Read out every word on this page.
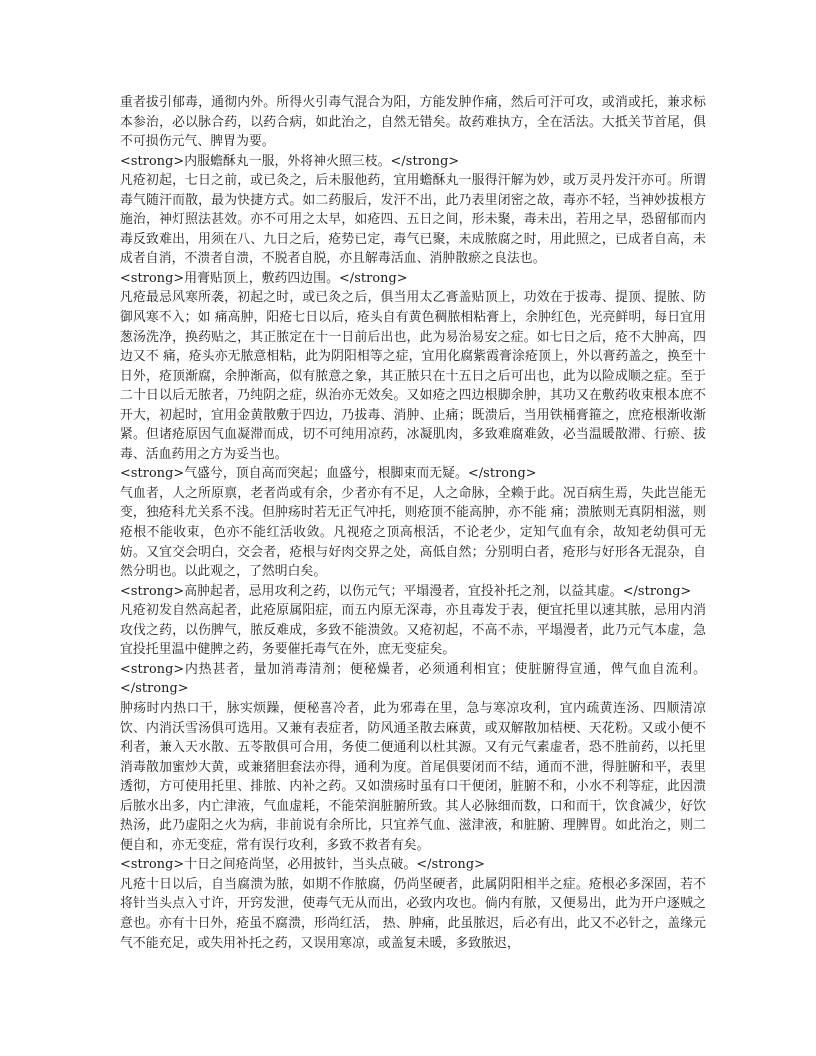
重者拔引郁毒，通彻内外。所得火引毒气混合为阳，方能发肿作痛，然后可汗可攻，或消或托，兼求标本参治，必以脉合药，以药合病，如此治之，自然无错矣。故药难执方，全在活法。大抵关节首尾，俱不可损伤元气、脾胃为要。

<strong>内服蟾酥丸一服，外将神火照三枝。</strong>

凡疮初起，七日之前，或已灸之，后未服他药，宜用蟾酥丸一服得汗解为妙，或万灵丹发汗亦可。所谓毒气随汗而散，最为快捷方式。如二药服后，发汗不出，此乃表里闭密之故，毒亦不轻，当神妙拔根方施治，神灯照法甚效。亦不可用之太早，如疮四、五日之间，形未聚，毒未出，若用之早，恐留郁而内毒反致难出，用须在八、九日之后，疮势已定，毒气已聚，未成脓腐之时，用此照之，已成者自高，未成者自消，不溃者自溃，不脱者自脱，亦且解毒活血、消肿散瘀之良法也。

<strong>用膏贴顶上，敷药四边围。</strong>

凡疮最忌风寒所袭，初起之时，或已灸之后，俱当用太乙膏盖贴顶上，功效在于拔毒、提顶、提脓、防御风寒不入；如 痛高肿，阳疮七日以后，疮头自有黄色稠脓相粘膏上，余肿红色，光亮鲜明，每日宜用葱汤洗净，换药贴之，其正脓定在十一日前后出也，此为易治易安之症。如七日之后，疮不大肿高，四边又不 痛，疮头亦无脓意相粘，此为阴阳相等之症，宜用化腐紫霞膏涂疮顶上，外以膏药盖之，换至十日外，疮顶渐腐，余肿渐高，似有脓意之象，其正脓只在十五日之后可出也，此为以险成顺之症。至于二十日以后无脓者，乃纯阴之症，纵治亦无效矣。又如疮之四边根脚余肿，其功又在敷药收束根本庶不开大，初起时，宜用金黄散敷于四边，乃拔毒、消肿、止痛；既溃后，当用铁桶膏箍之，庶疮根渐收渐紧。但诸疮原因气血凝滞而成，切不可纯用凉药，冰凝肌肉，多致难腐难敛，必当温暖散滞、行瘀、拔毒、活血药用之方为妥当也。

<strong>气盛兮，顶自高而突起；血盛兮，根脚束而无疑。</strong>

气血者，人之所原禀，老者尚或有余，少者亦有不足，人之命脉，全赖于此。况百病生焉，失此岂能无变，独疮科尤关系不浅。但肿疡时若无正气冲托，则疮顶不能高肿，亦不能 痛；溃脓则无真阴相滋，则疮根不能收束，色亦不能红活收敛。凡视疮之顶高根活，不论老少，定知气血有余，故知老幼俱可无妨。又宜交会明白，交会者，疮根与好肉交界之处，高低自然；分别明白者，疮形与好形各无混杂，自然分明也。以此观之，了然明白矣。

<strong>高肿起者，忌用攻利之药，以伤元气；平塌漫者，宜投补托之剂，以益其虚。</strong>

凡疮初发自然高起者，此疮原属阳症，而五内原无深毒，亦且毒发于表，便宜托里以速其脓，忌用内消攻伐之药，以伤脾气，脓反难成，多致不能溃敛。又疮初起，不高不赤，平塌漫者，此乃元气本虚，急宜投托里温中健脾之药，务要催托毒气在外，庶无变症矣。

<strong>内热甚者，量加消毒清剂；便秘燥者，必须通利相宜；使脏腑得宣通，俾气血自流利。</strong>

肿疡时内热口干，脉实烦躁，便秘喜冷者，此为邪毒在里，急与寒凉攻利，宜内疏黄连汤、四顺清凉饮、内消沃雪汤俱可选用。又兼有表症者，防风通圣散去麻黄，或双解散加桔梗、天花粉。又或小便不利者，兼入天水散、五苓散俱可合用，务使二便通利以杜其源。又有元气素虚者，恐不胜前药，以托里消毒散加蜜炒大黄，或兼猪胆套法亦得，通利为度。首尾俱要闭而不结，通而不泄，得脏腑和平，表里透彻，方可使用托里、排脓、内补之药。又如溃疡时虽有口干便闭，脏腑不和，小水不利等症，此因溃后脓水出多，内亡津液，气血虚耗，不能荣润脏腑所致。其人必脉细而数，口和而干，饮食减少，好饮热汤，此乃虚阳之火为病，非前说有余所比，只宜养气血、滋津液，和脏腑、理脾胃。如此治之，则二便自和，亦无变症，常有误行攻利，多致不救者有矣。

<strong>十日之间疮尚坚，必用披针，当头点破。</strong>

凡疮十日以后，自当腐溃为脓，如期不作脓腐，仍尚坚硬者，此属阴阳相半之症。疮根必多深固，若不将针当头点入寸许，开窍发泄，使毒气无从而出，必致内攻也。倘内有脓，又便易出，此为开户逐贼之意也。亦有十日外，疮虽不腐溃，形尚红活， 热、肿痛，此虽脓迟，后必有出，此又不必针之，盖缘元气不能充足，或失用补托之药，又误用寒凉，或盖复未暖，多致脓迟，
